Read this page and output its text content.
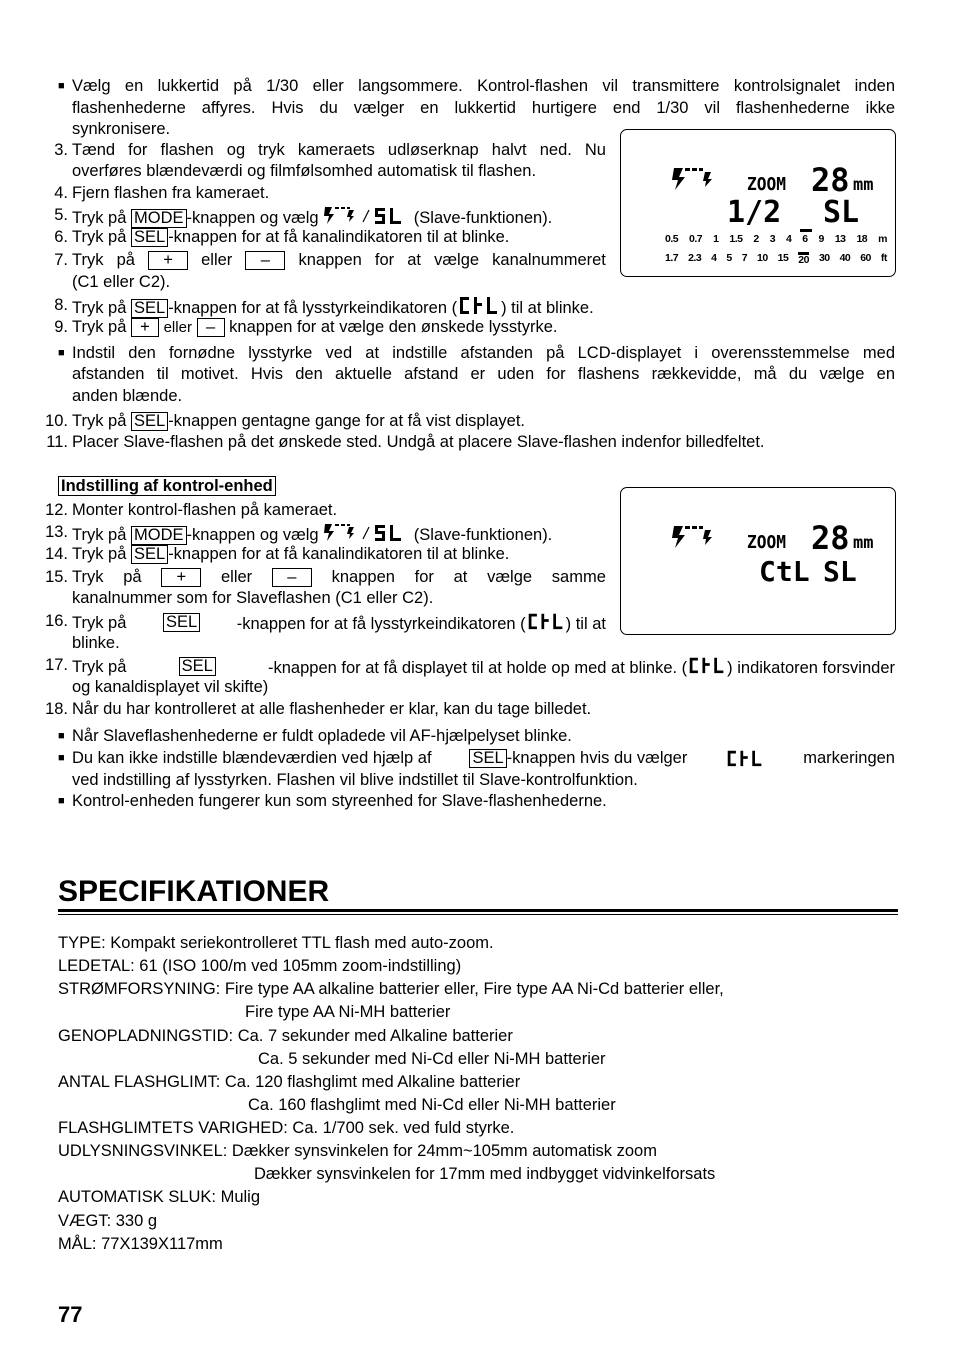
■ Vælg en lukkertid på 1/30 eller langsommere. Kontrol-flashen vil transmittere kontrolsignalet inden
flashenhederne affyres. Hvis du vælger en lukkertid hurtigere end 1/30 vil flashenhederne ikke
synkronisere.
3. Tænd for flashen og tryk kameraets udløserknap halvt ned. Nu
overføres blændeværdi og filmfølsomhed automatisk til flashen.
4. Fjern flashen fra kameraet.
5. Tryk på MODE -knappen og vælg	(Slave-funktionen).
6. Tryk på SEL -knappen for at få kanalindikatoren til at blinke.
7. Tryk på	+	eller	–	knappen for at vælge kanalnummeret
(C1 eller C2).
8. Tryk på SEL -knappen for at få lysstyrkeindikatoren (	) til at blinke.
9. Tryk på + eller – knappen for at vælge den ønskede lysstyrke.
■ Indstil den fornødne lysstyrke ved at indstille afstanden på LCD-displayet i overensstemmelse med
afstanden til motivet. Hvis den aktuelle afstand er uden for flashens rækkevidde, må du vælge en
anden blænde.
10. Tryk på SEL -knappen gentagne gange for at få vist displayet.
11. Placer Slave-flashen på det ønskede sted. Undgå at placere Slave-flashen indenfor billedfeltet.
Indstilling af kontrol-enhed
12. Monter kontrol-flashen på kameraet.
13. Tryk på MODE -knappen og vælg	(Slave-funktionen).
14. Tryk på SEL -knappen for at få kanalindikatoren til at blinke.
15. Tryk på	+	eller	–	knappen for at vælge samme
kanalnummer som for Slaveflashen (C1 eller C2).
16. Tryk på SEL -knappen for at få lysstyrkeindikatoren ( ) til at
blinke.
17. Tryk på	SEL	-knappen for at få displayet til at holde op med at blinke. ( ) indikatoren forsvinder
og kanaldisplayet vil skifte)
18. Når du har kontrolleret at alle flashenheder er klar, kan du tage billedet.
■ Når Slaveflashenhederne er fuldt opladede vil AF-hjælpelyset blinke.
■ Du kan ikke indstille blændeværdien ved hjælp af SEL -knappen hvis du vælger	markeringen
ved indstilling af lysstyrken. Flashen vil blive indstillet til Slave-kontrolfunktion.
■ Kontrol-enheden fungerer kun som styreenhed for Slave-flashenhederne.
ZOOM 28 mm
1/2 SL
0.5 0.7 1 1.5 2 3 4 6 9 13 18 m
1.7 2.3 4 5 7 10 15 20 30 40 60 ft
ZOOM 28 mm
CtL SL
SPECIFIKATIONER
TYPE: Kompakt seriekontrolleret TTL flash med auto-zoom.
LEDETAL: 61 (ISO 100/m ved 105mm zoom-indstilling)
STRØMFORSYNING: Fire type AA alkaline batterier eller, Fire type AA Ni-Cd batterier eller,
Fire type AA Ni-MH batterier
GENOPLADNINGSTID: Ca. 7 sekunder med Alkaline batterier
Ca. 5 sekunder med Ni-Cd eller Ni-MH batterier
ANTAL FLASHGLIMT: Ca. 120 flashglimt med Alkaline batterier
Ca. 160 flashglimt med Ni-Cd eller Ni-MH batterier
FLASHGLIMTETS VARIGHED: Ca. 1/700 sek. ved fuld styrke.
UDLYSNINGSVINKEL: Dækker synsvinkelen for 24mm~105mm automatisk zoom
Dækker synsvinkelen for 17mm med indbygget vidvinkelforsats
AUTOMATISK SLUK: Mulig
VÆGT: 330 g
MÅL: 77X139X117mm
77
